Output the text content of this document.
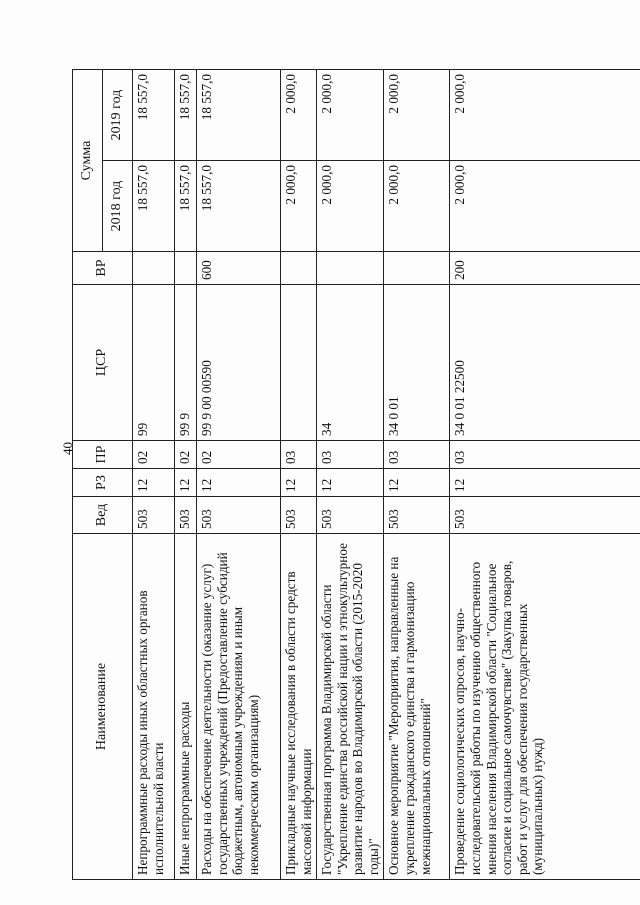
40
Наименование	Вед	РЗ	ПР	ЦСР	ВР	Сумма	
						2018 год	2019 год
Непрограммные расходы иных областных органов исполнительной власти	503	12	02	99		18 557,0	18 557,0
Иные непрограммные расходы	503	12	02	99 9		18 557,0	18 557,0
Расходы на обеспечение деятельности (оказание услуг) государственных учреждений (Предоставление субсидий бюджетным, автономным учреждениям и иным некоммерческим организациям)	503	12	02	99 9 00 00590	600	18 557,0	18 557,0
Прикладные научные исследования в области средств массовой информации	503	12	03			2 000,0	2 000,0
Государственная программа Владимирской области "Укрепление единства российской нации и этнокультурное развитие народов во Владимирской области (2015-2020 годы)"	503	12	03	34		2 000,0	2 000,0
Основное мероприятие "Мероприятия, направленные на укрепление гражданского единства и гармонизацию межнациональных отношений"	503	12	03	34 0 01		2 000,0	2 000,0
Проведение социологических опросов, научно-исследовательской работы по изучению общественного мнения населения Владимирской области "Социальное согласие и социальное самочувствие" (Закупка товаров, работ и услуг для обеспечения государственных (муниципальных) нужд)	503	12	03	34 0 01 22500	200	2 000,0	2 000,0
